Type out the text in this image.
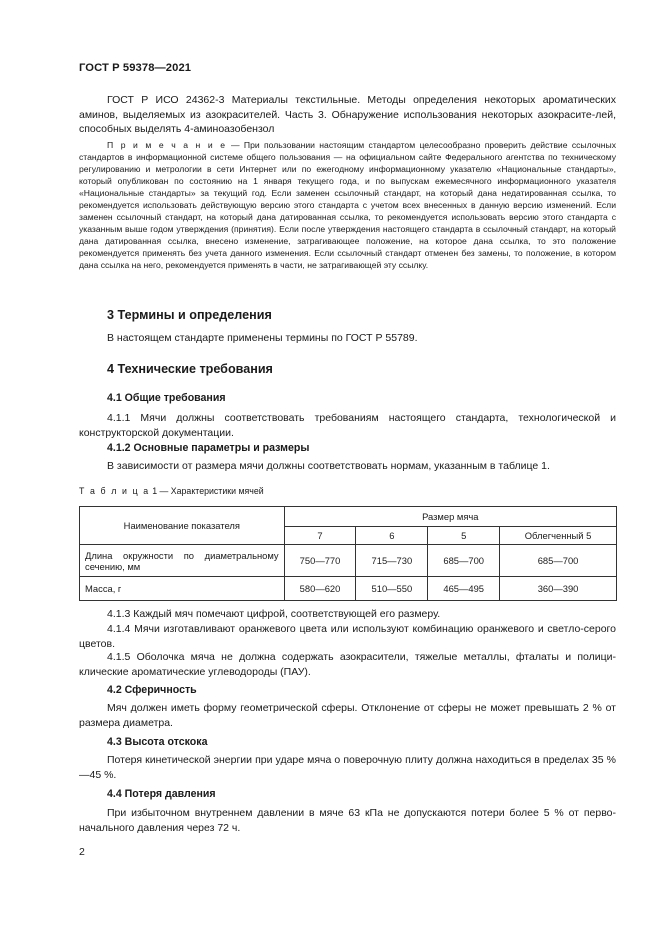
ГОСТ Р 59378—2021
ГОСТ Р ИСО 24362-3 Материалы текстильные. Методы определения некоторых ароматических аминов, выделяемых из азокрасителей. Часть 3. Обнаружение использования некоторых азокрасите-лей, способных выделять 4-аминоазобензол
П р и м е ч а н и е — При пользовании настоящим стандартом целесообразно проверить действие ссылочных стандартов в информационной системе общего пользования — на официальном сайте Федерального агентства по техническому регулированию и метрологии в сети Интернет или по ежегодному информационному указателю «Национальные стандарты», который опубликован по состоянию на 1 января текущего года, и по выпускам ежемесячного информационного указателя «Национальные стандарты» за текущий год. Если заменен ссылочный стандарт, на который дана недатированная ссылка, то рекомендуется использовать действующую версию этого стандарта с учетом всех внесенных в данную версию изменений. Если заменен ссылочный стандарт, на который дана датированная ссылка, то рекомендуется использовать версию этого стандарта с указанным выше годом утверждения (принятия). Если после утверждения настоящего стандарта в ссылочный стандарт, на который дана датированная ссылка, внесено изменение, затрагивающее положение, на которое дана ссылка, то это положение рекомендуется применять без учета данного изменения. Если ссылочный стандарт отменен без замены, то положение, в котором дана ссылка на него, рекомендуется применять в части, не затрагивающей эту ссылку.
3 Термины и определения
В настоящем стандарте применены термины по ГОСТ Р 55789.
4 Технические требования
4.1 Общие требования
4.1.1 Мячи должны соответствовать требованиям настоящего стандарта, технологической и конструкторской документации.
4.1.2 Основные параметры и размеры
В зависимости от размера мячи должны соответствовать нормам, указанным в таблице 1.
Т а б л и ц а 1 — Характеристики мячей
Наименование показателя	Размер мяча			
	7	6	5	Облегченный 5
Длина окружности по диаметральному сечению, мм	750—770	715—730	685—700	685—700
Масса, г	580—620	510—550	465—495	360—390
4.1.3 Каждый мяч помечают цифрой, соответствующей его размеру.
4.1.4 Мячи изготавливают оранжевого цвета или используют комбинацию оранжевого и светло-серого цветов.
4.1.5 Оболочка мяча не должна содержать азокрасители, тяжелые металлы, фталаты и полици-клические ароматические углеводороды (ПАУ).
4.2 Сферичность
Мяч должен иметь форму геометрической сферы. Отклонение от сферы не может превышать 2 % от размера диаметра.
4.3 Высота отскока
Потеря кинетической энергии при ударе мяча о поверочную плиту должна находиться в пределах 35 %—45 %.
4.4 Потеря давления
При избыточном внутреннем давлении в мяче 63 кПа не допускаются потери более 5 % от перво-начального давления через 72 ч.
2
